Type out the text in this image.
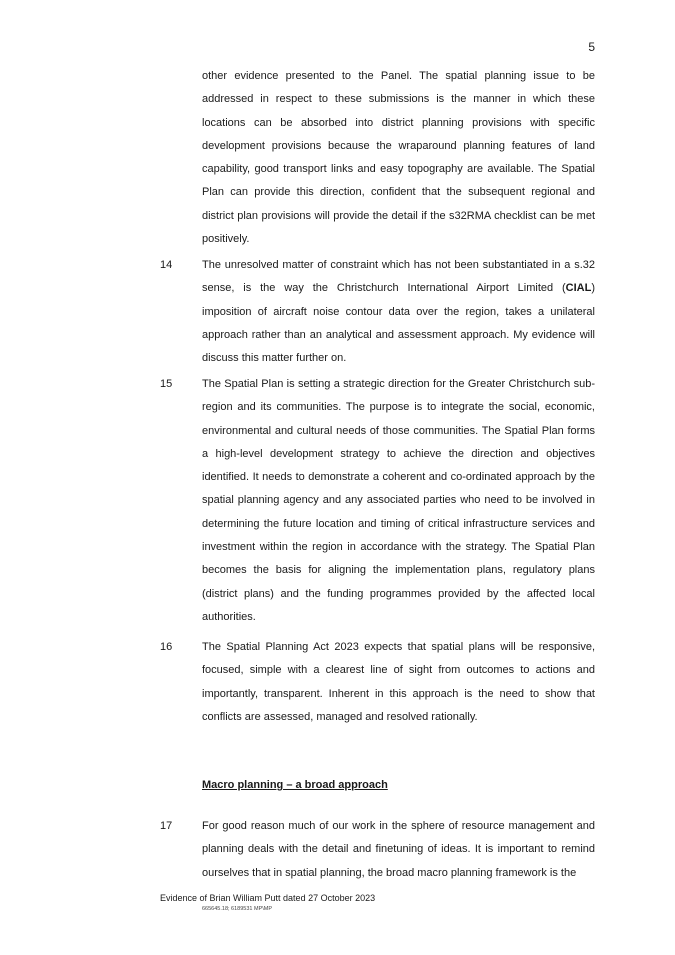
5
other evidence presented to the Panel. The spatial planning issue to be addressed in respect to these submissions is the manner in which these locations can be absorbed into district planning provisions with specific development provisions because the wraparound planning features of land capability, good transport links and easy topography are available. The Spatial Plan can provide this direction, confident that the subsequent regional and district plan provisions will provide the detail if the s32RMA checklist can be met positively.
14	The unresolved matter of constraint which has not been substantiated in a s.32 sense, is the way the Christchurch International Airport Limited (CIAL) imposition of aircraft noise contour data over the region, takes a unilateral approach rather than an analytical and assessment approach. My evidence will discuss this matter further on.
15	The Spatial Plan is setting a strategic direction for the Greater Christchurch sub-region and its communities. The purpose is to integrate the social, economic, environmental and cultural needs of those communities. The Spatial Plan forms a high-level development strategy to achieve the direction and objectives identified. It needs to demonstrate a coherent and co-ordinated approach by the spatial planning agency and any associated parties who need to be involved in determining the future location and timing of critical infrastructure services and investment within the region in accordance with the strategy. The Spatial Plan becomes the basis for aligning the implementation plans, regulatory plans (district plans) and the funding programmes provided by the affected local authorities.
16	The Spatial Planning Act 2023 expects that spatial plans will be responsive, focused, simple with a clearest line of sight from outcomes to actions and importantly, transparent. Inherent in this approach is the need to show that conflicts are assessed, managed and resolved rationally.
Macro planning – a broad approach
17	For good reason much of our work in the sphere of resource management and planning deals with the detail and finetuning of ideas. It is important to remind ourselves that in spatial planning, the broad macro planning framework is the
Evidence of Brian William Putt dated 27 October 2023
665645.18; 6189531 MP\MP
